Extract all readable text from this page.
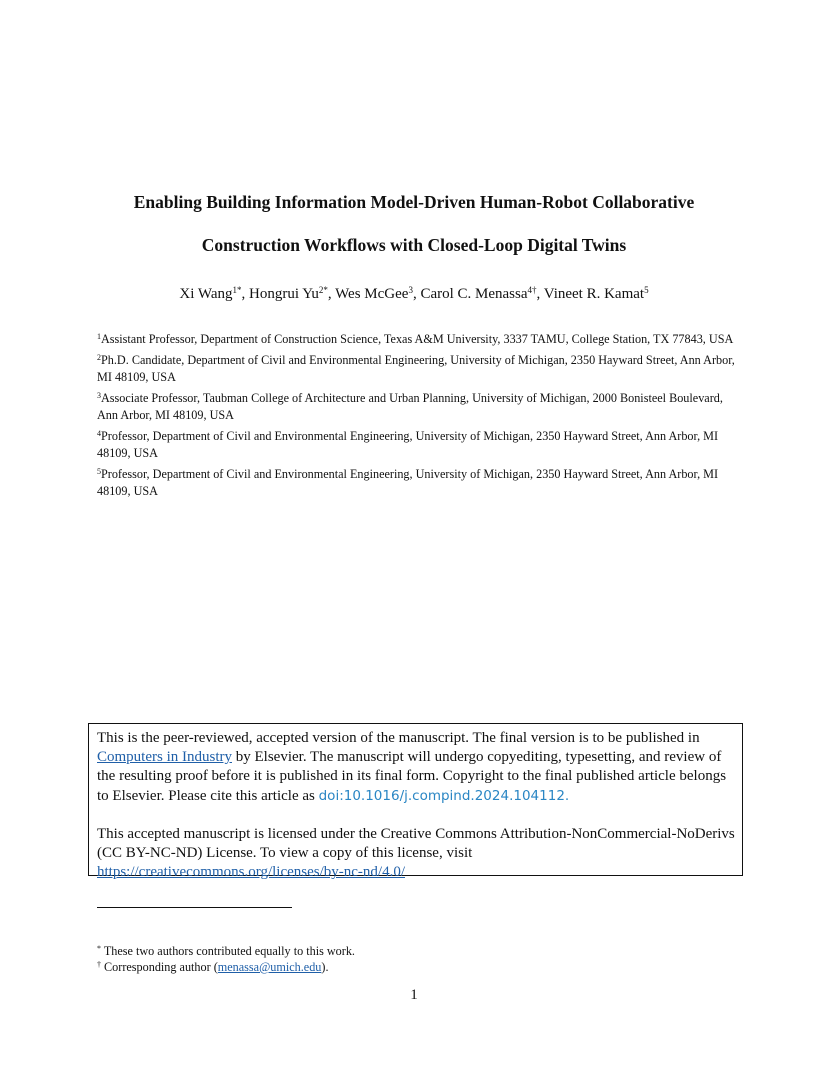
Enabling Building Information Model-Driven Human-Robot Collaborative
Construction Workflows with Closed-Loop Digital Twins

Xi Wang$^{1*}$, Hongrui $Yu^{2*}$, Wes McGee$^3$, Carol C. Menassa$^{4\dagger}$, Vineet R. Kamat$^5$

$^1$Assistant Professor, Department of Construction Science, Texas A&M University, 3337 TAMU, College Station, TX 77843, USA

$^2$Ph.D. Candidate, Department of Civil and Environmental Engineering, University of Michigan, 2350 Hayward Street, Ann Arbor, MI 48109, USA

$^3$Associate Professor, Taubman College of Architecture and Urban Planning, University of Michigan, 2000 Bonisteel Boulevard, Ann Arbor, MI 48109, USA

$^4$Professor, Department of Civil and Environmental Engineering, University of Michigan, 2350 Hayward Street, Ann Arbor, MI 48109, USA

$^5$Professor, Department of Civil and Environmental Engineering, University of Michigan, 2350 Hayward Street, Ann Arbor, MI 48109, USA

This is the peer-reviewed, accepted version of the manuscript. The final version is to be published in Computers in Industry by Elsevier. The manuscript will undergo copyediting, typesetting, and review of the resulting proof before it is published in its final form. Copyright to the final published article belongs to Elsevier. Please cite this article as doi:10.1016/j.compind.2024.104112.

This accepted manuscript is licensed under the Creative Commons Attribution-NonCommercial-NoDerivs (CC BY-NC-ND) License. To view a copy of this license, visit
https://creativecommons.org/licenses/by-nc-nd/4.0/

* These two authors contributed equally to this work.

† Corresponding author (menassa@umich.edu).

1
